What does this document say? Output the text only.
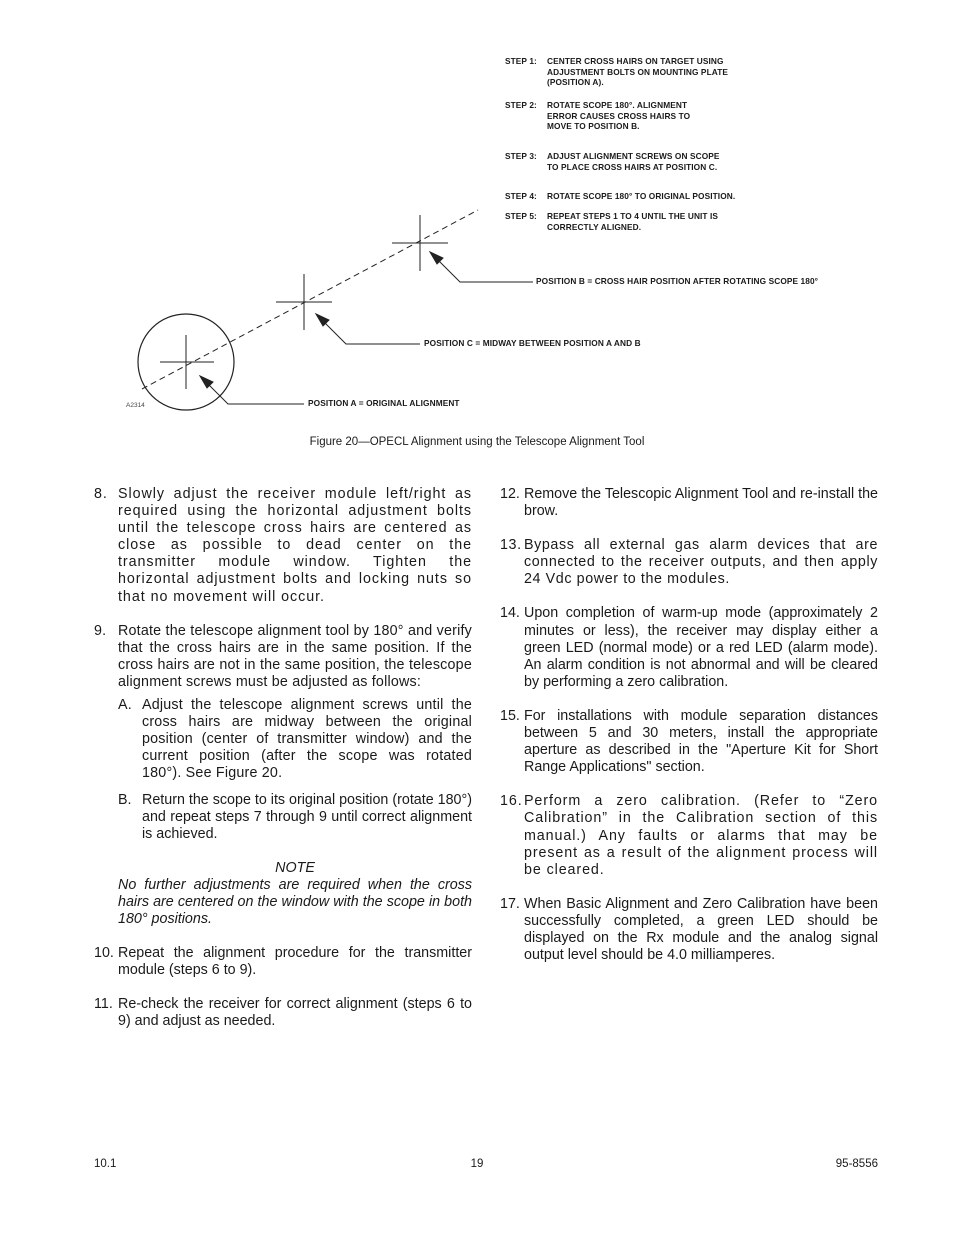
STEP 1:	CENTER CROSS HAIRS ON TARGET USING
ADJUSTMENT BOLTS ON MOUNTING PLATE
(POSITION A).
STEP 2:	ROTATE SCOPE 180°. ALIGNMENT
ERROR CAUSES CROSS HAIRS TO
MOVE TO POSITION B.
STEP 3:	ADJUST ALIGNMENT SCREWS ON SCOPE
TO PLACE CROSS HAIRS AT POSITION C.
STEP 4:	ROTATE SCOPE 180° TO ORIGINAL POSITION.
STEP 5:	REPEAT STEPS 1 TO 4 UNTIL THE UNIT IS
CORRECTLY ALIGNED.
POSITION B = CROSS HAIR POSITION AFTER ROTATING SCOPE 180°
POSITION C = MIDWAY BETWEEN POSITION A AND B
POSITION A = ORIGINAL ALIGNMENT
A2314
Figure 20—OPECL Alignment using the Telescope Alignment Tool
8. Slowly adjust the receiver module left/right as required using the horizontal adjustment bolts until the telescope cross hairs are centered as close as possible to dead center on the transmitter module window. Tighten the horizontal adjustment bolts and locking nuts so that no movement will occur.
9. Rotate the telescope alignment tool by 180° and verify that the cross hairs are in the same position. If the cross hairs are not in the same position, the telescope alignment screws must be adjusted as follows:
A. Adjust the telescope alignment screws until the cross hairs are midway between the original position (center of transmitter window) and the current position (after the scope was rotated 180°). See Figure 20.
B. Return the scope to its original position (rotate 180°) and repeat steps 7 through 9 until correct alignment is achieved.
NOTE
No further adjustments are required when the cross hairs are centered on the window with the scope in both 180° positions.
10. Repeat the alignment procedure for the transmitter module (steps 6 to 9).
11. Re-check the receiver for correct alignment (steps 6 to 9) and adjust as needed.
12. Remove the Telescopic Alignment Tool and re-install the brow.
13. Bypass all external gas alarm devices that are connected to the receiver outputs, and then apply 24 Vdc power to the modules.
14. Upon completion of warm-up mode (approximately 2 minutes or less), the receiver may display either a green LED (normal mode) or a red LED (alarm mode). An alarm condition is not abnormal and will be cleared by performing a zero calibration.
15. For installations with module separation distances between 5 and 30 meters, install the appropriate aperture as described in the "Aperture Kit for Short Range Applications" section.
16. Perform a zero calibration. (Refer to “Zero Calibration” in the Calibration section of this manual.) Any faults or alarms that may be present as a result of the alignment process will be cleared.
17. When Basic Alignment and Zero Calibration have been successfully completed, a green LED should be displayed on the Rx module and the analog signal output level should be 4.0 milliamperes.
10.1	19	95-8556
